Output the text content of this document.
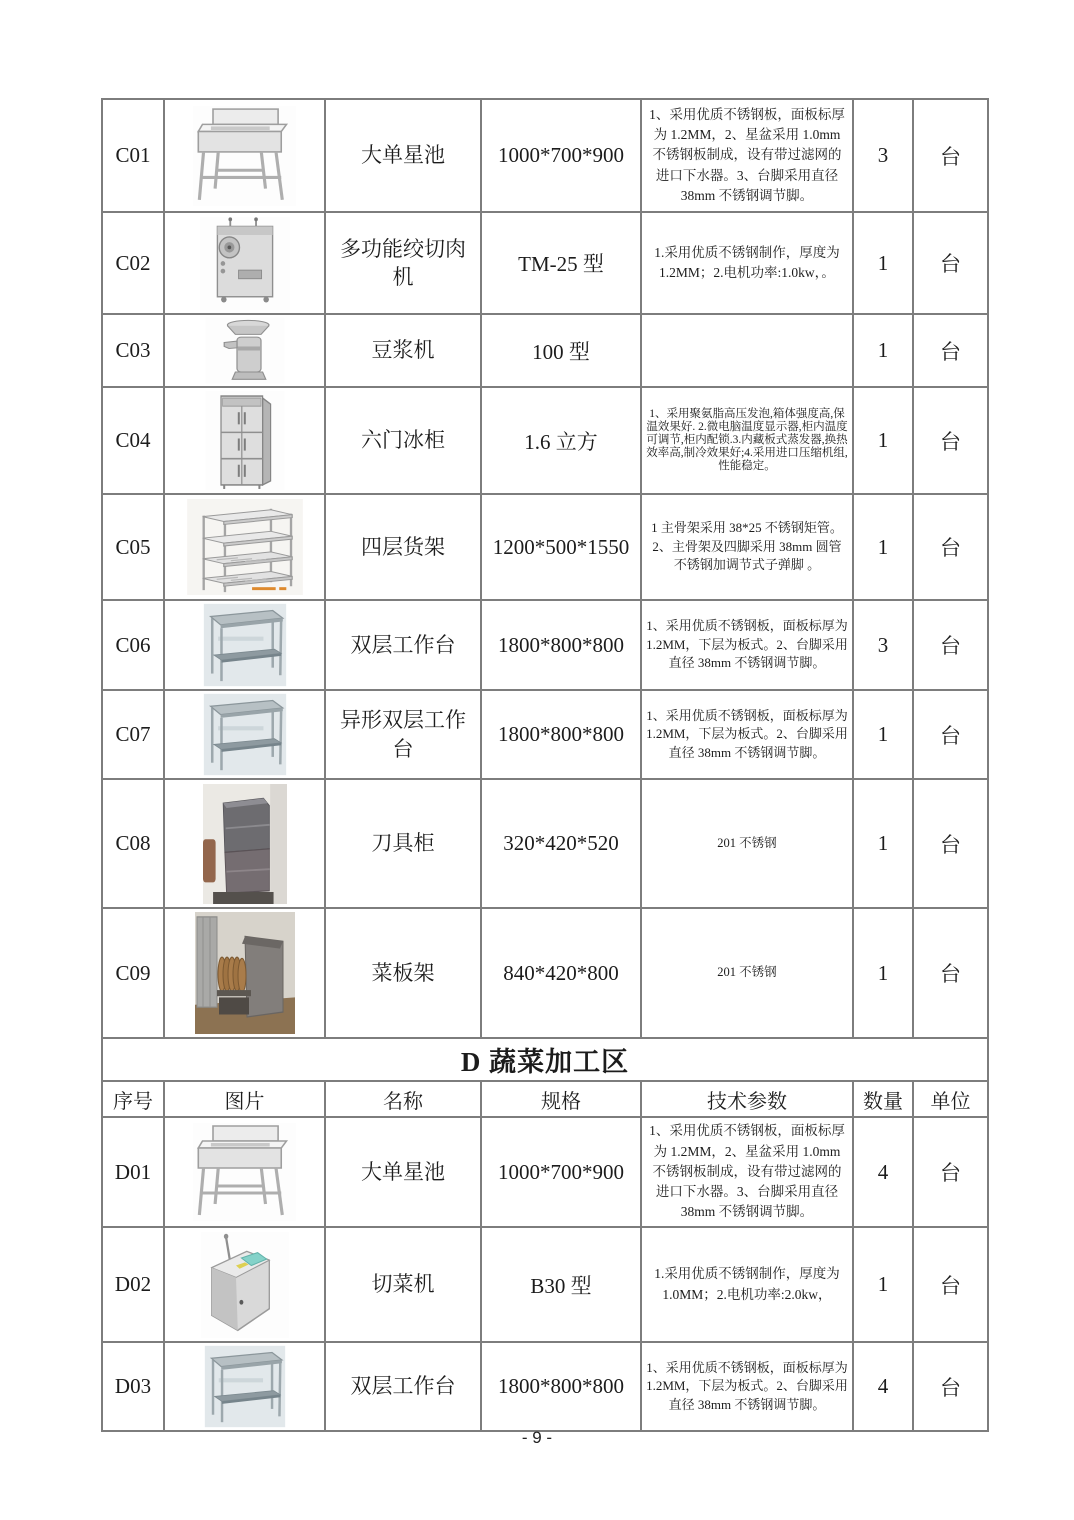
C01		大单星池	1000*700*900	1、采用优质不锈钢板，面板标厚为 1.2MM，2、星盆采用 1.0mm 不锈钢板制成，设有带过滤网的进口下水器。3、台脚采用直径 38mm 不锈钢调节脚。	3	台
C02		多功能绞切肉机	TM-25 型	1.采用优质不锈钢制作，厚度为 1.2MM；2.电机功率:1.0kw，。	1	台
C03		豆浆机	100 型		1	台
C04		六门冰柜	1.6 立方	1、采用聚氨脂高压发泡,箱体强度高,保温效果好. 2.微电脑温度显示器,柜内温度可调节,柜内配锁.3.内藏板式蒸发器,换热效率高,制冷效果好;4.采用进口压缩机组,性能稳定。	1	台
C05		四层货架	1200*500*1550	1 主骨架采用 38*25 不锈钢矩管。2、主骨架及四脚采用 38mm 圆管不锈钢加调节式子弹脚 。	1	台
C06		双层工作台	1800*800*800	1、采用优质不锈钢板，面板标厚为 1.2MM，下层为板式。2、台脚采用直径 38mm 不锈钢调节脚。	3	台
C07		异形双层工作台	1800*800*800	1、采用优质不锈钢板，面板标厚为 1.2MM，下层为板式。2、台脚采用直径 38mm 不锈钢调节脚。	1	台
C08		刀具柜	320*420*520	201 不锈钢	1	台
C09		菜板架	840*420*800	201 不锈钢	1	台
D 蔬菜加工区						
序号	图片	名称	规格	技术参数	数量	单位
D01		大单星池	1000*700*900	1、采用优质不锈钢板，面板标厚为 1.2MM，2、星盆采用 1.0mm 不锈钢板制成，设有带过滤网的进口下水器。3、台脚采用直径 38mm 不锈钢调节脚。	4	台
D02		切菜机	B30 型	1.采用优质不锈钢制作，厚度为 1.0MM；2.电机功率:2.0kw，	1	台
D03		双层工作台	1800*800*800	1、采用优质不锈钢板，面板标厚为 1.2MM，下层为板式。2、台脚采用直径 38mm 不锈钢调节脚。	4	台
- 9 -
